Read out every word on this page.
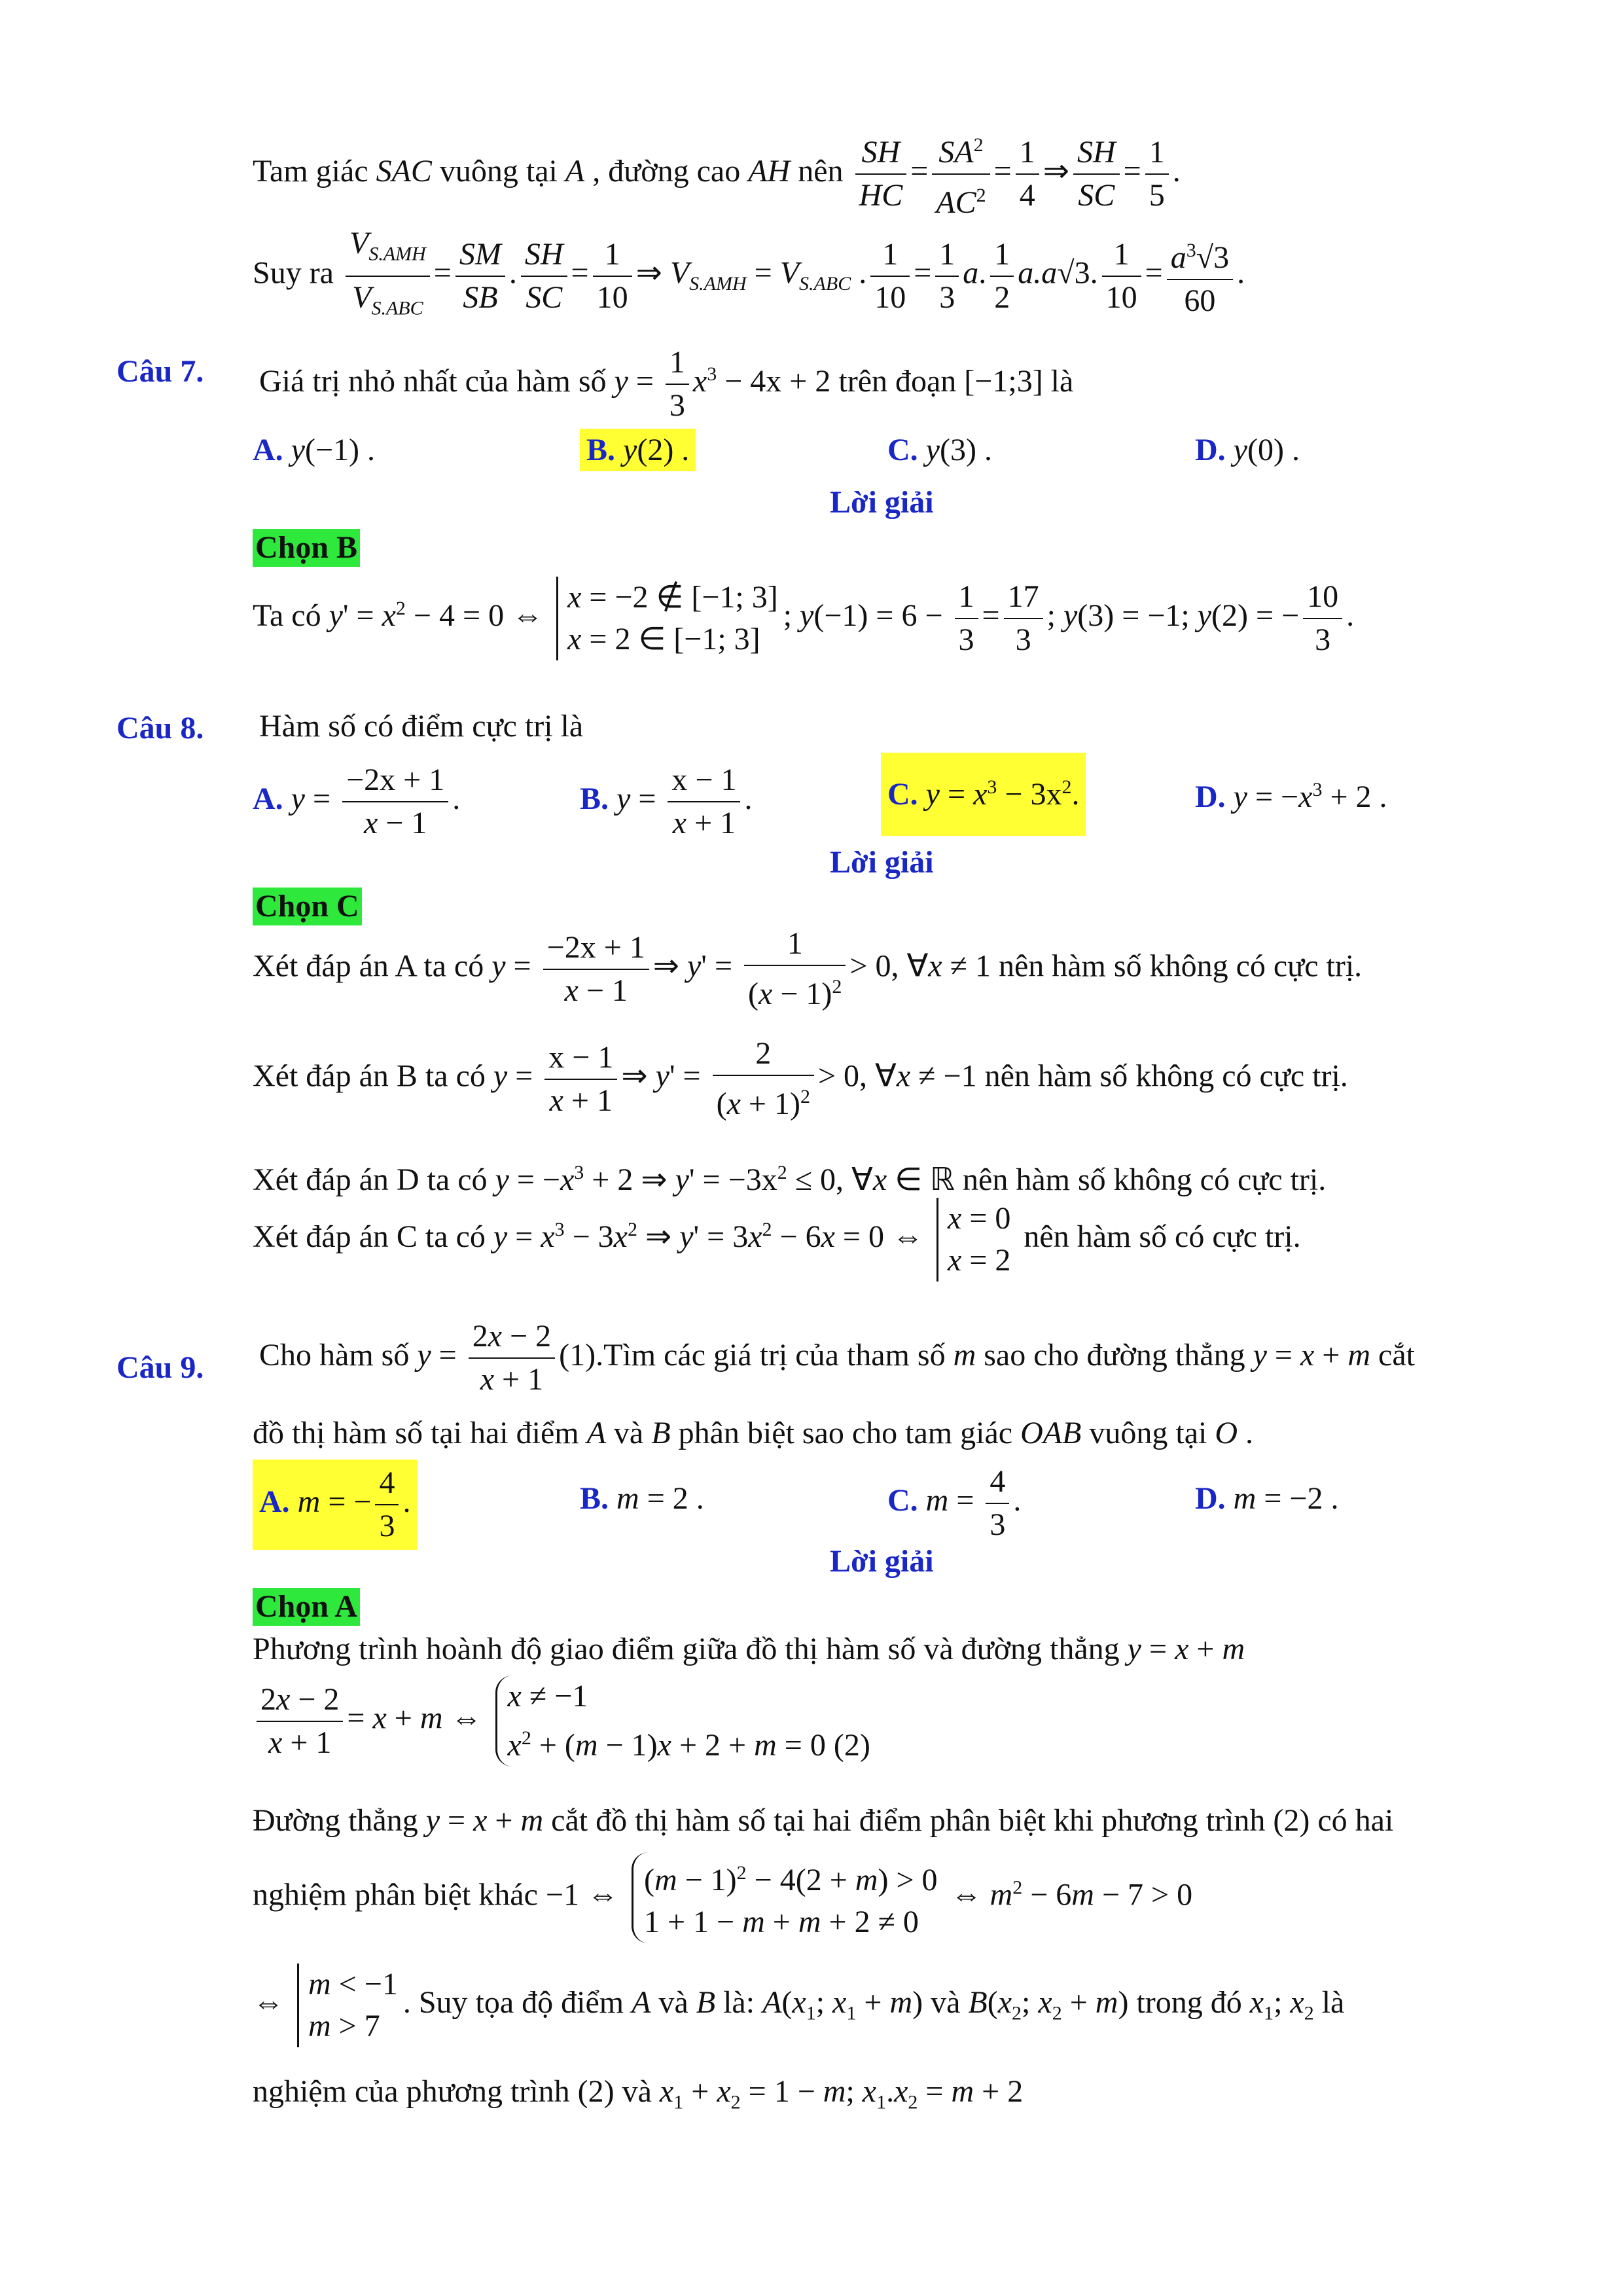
Tam giác SAC vuông tại A , đường cao AH nên $\frac{SH}{HC} = \frac{SA^2}{AC^2} = \frac{1}{4}$ ⇒ $\frac{SH}{SC} = \frac{1}{5}$ .
Suy ra $\frac{V_{S.AMH}}{V_{S.ABC}} = \frac{SM}{SB}$ . $\frac{SH}{SC} = \frac{1}{10}$ ⇒ $V_{S.AMH} = V_{S.ABC}$ . $\frac{1}{10} = \frac{1}{3} a$. $\frac{1}{2} a.a√3$. $\frac{1}{10} = \frac{a^3√3}{60}$ .
Câu 7. Giá trị nhỏ nhất của hàm số $y = \frac{1}{3} x^3 - 4x + 2$ trên đoạn [−1;3] là
A. y(−1) .	B. y(2) .	C. y(3) .	D. y(0) .
Lời giải
Chọn B
Ta có $y' = x^2 - 4 = 0$ ⇔ x = −2 ∉ [−1; 3]
x = 2 ∈ [−1; 3]; $y(-1) = 6 - \frac{1}{3} = \frac{17}{3}$ ; y(3) = −1; y(2) = − $\frac{10}{3}$ .
Câu 8. Hàm số có điểm cực trị là
A. $y = \frac{-2x + 1}{x - 1}$ .	B. $y = \frac{x - 1}{x + 1}$ .	C. $y = x^3 - 3x^2$.	D. $y = -x^3 + 2$ .
Lời giải
Chọn C
Xét đáp án A ta có $y = \frac{-2x + 1}{x - 1}$ ⇒ $y' = \frac{1}{(x - 1)^2} > 0$, ∀x ≠ 1 nên hàm số không có cực trị.
Xét đáp án B ta có $y = \frac{x - 1}{x + 1}$ ⇒ $y' = \frac{2}{(x + 1)^2} > 0$, ∀x ≠ −1 nên hàm số không có cực trị.
Xét đáp án D ta có $y = -x^3 + 2$ ⇒ $y' = -3x^2 \le 0$, ∀x ∈ ℝ nên hàm số không có cực trị.
Xét đáp án C ta có $y = x^3 - 3x^2$ ⇒ $y' = 3x^2 - 6x = 0$ ⇔ x = 0
x = 2 nên hàm số có cực trị.
Câu 9. Cho hàm số $y = \frac{2x - 2}{x + 1}$ (1).Tìm các giá trị của tham số m sao cho đường thẳng y = x + m cắt
đồ thị hàm số tại hai điểm A và B phân biệt sao cho tam giác OAB vuông tại O .
A. m = − $\frac{4}{3}$ .	B. m = 2 .	C. $m = \frac{4}{3}$ .	D. m = −2 .
Lời giải
Chọn A
Phương trình hoành độ giao điểm giữa đồ thị hàm số và đường thẳng y = x + m
$\frac{2x - 2}{x + 1} = x + m$ ⇔ x ≠ −1
$x^2 + (m - 1)x + 2 + m = 0$ (2)
Đường thẳng y = x + m cắt đồ thị hàm số tại hai điểm phân biệt khi phương trình (2) có hai
nghiệm phân biệt khác −1 ⇔ $(m - 1)^2 - 4(2 + m) > 0$
1 + 1 − m + m + 2 ≠ 0 ⇔ $m^2 - 6m - 7 > 0$
⇔ m < −1
m > 7. Suy tọa độ điểm A và B là: $A(x_1$; $x_1 + m$) và $B(x_2$; $x_2 + m$) trong đó $x_1$; $x_2$ là
nghiệm của phương trình (2) và $x_1 + x_2 = 1 - m$; $x_1.x_2 = m + 2$
